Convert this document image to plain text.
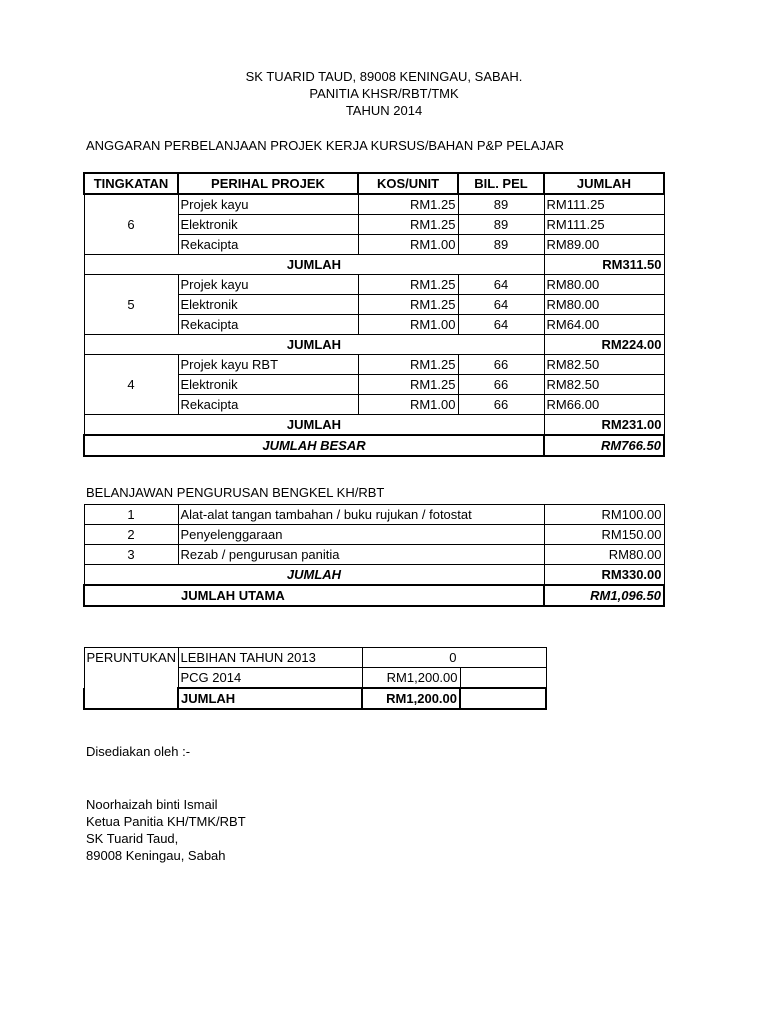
SK TUARID TAUD, 89008 KENINGAU, SABAH.
PANITIA KHSR/RBT/TMK
TAHUN 2014
ANGGARAN PERBELANJAAN PROJEK KERJA KURSUS/BAHAN P&P PELAJAR
TINGKATAN	PERIHAL PROJEK	KOS/UNIT	BIL. PEL	JUMLAH
6	Projek kayu	RM1.25	89	RM111.25
	Elektronik	RM1.25	89	RM111.25
	Rekacipta	RM1.00	89	RM89.00
JUMLAH				RM311.50
5	Projek kayu	RM1.25	64	RM80.00
	Elektronik	RM1.25	64	RM80.00
	Rekacipta	RM1.00	64	RM64.00
JUMLAH				RM224.00
4	Projek kayu RBT	RM1.25	66	RM82.50
	Elektronik	RM1.25	66	RM82.50
	Rekacipta	RM1.00	66	RM66.00
JUMLAH				RM231.00
JUMLAH BESAR				RM766.50
BELANJAWAN PENGURUSAN BENGKEL KH/RBT
1	Alat-alat tangan tambahan / buku rujukan / fotostat	RM100.00
2	Penyelenggaraan	RM150.00
3	Rezab / pengurusan panitia	RM80.00
JUMLAH		RM330.00
JUMLAH UTAMA		RM1,096.50
PERUNTUKAN	LEBIHAN TAHUN 2013	0	
	PCG 2014	RM1,200.00	
	JUMLAH	RM1,200.00	
Disediakan oleh :-
Noorhaizah binti Ismail
Ketua Panitia KH/TMK/RBT
SK Tuarid Taud,
89008 Keningau, Sabah
